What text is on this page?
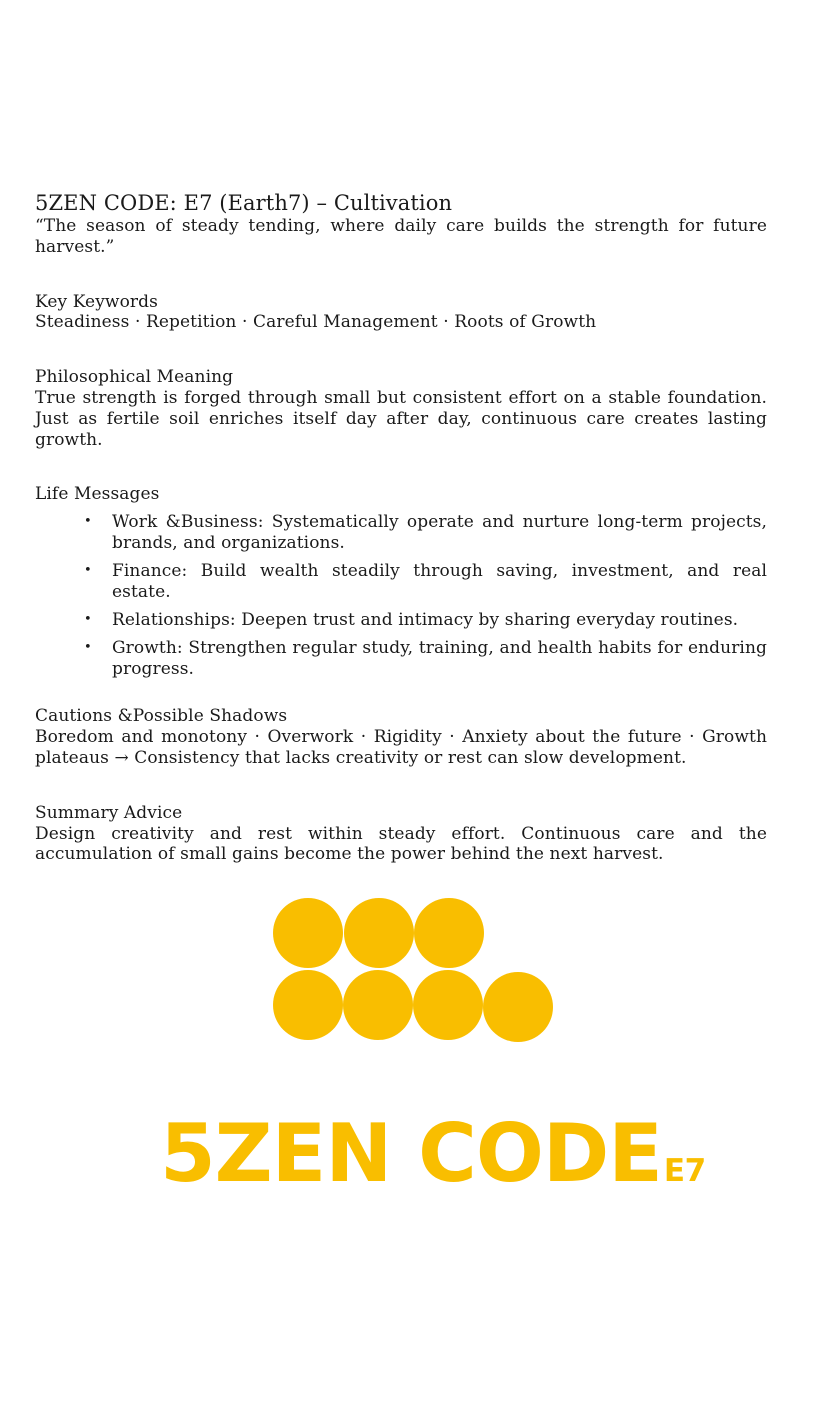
5ZEN CODE: E7 (Earth7) – Cultivation

“The season of steady tending, where daily care builds the strength for future harvest.”

Key Keywords

Steadiness · Repetition · Careful Management · Roots of Growth

Philosophical Meaning

True strength is forged through small but consistent effort on a stable foundation. Just as fertile soil enriches itself day after day, continuous care creates lasting growth.

Life Messages

• Work &Business: Systematically operate and nurture long-term projects, brands, and organizations.
• Finance: Build wealth steadily through saving, investment, and real estate.
• Relationships: Deepen trust and intimacy by sharing everyday routines.
• Growth: Strengthen regular study, training, and health habits for enduring progress.

Cautions &Possible Shadows

Boredom and monotony · Overwork · Rigidity · Anxiety about the future · Growth plateaus → Consistency that lacks creativity or rest can slow development.

Summary Advice

Design creativity and rest within steady effort. Continuous care and the accumulation of small gains become the power behind the next harvest.

5ZEN CODEE7
